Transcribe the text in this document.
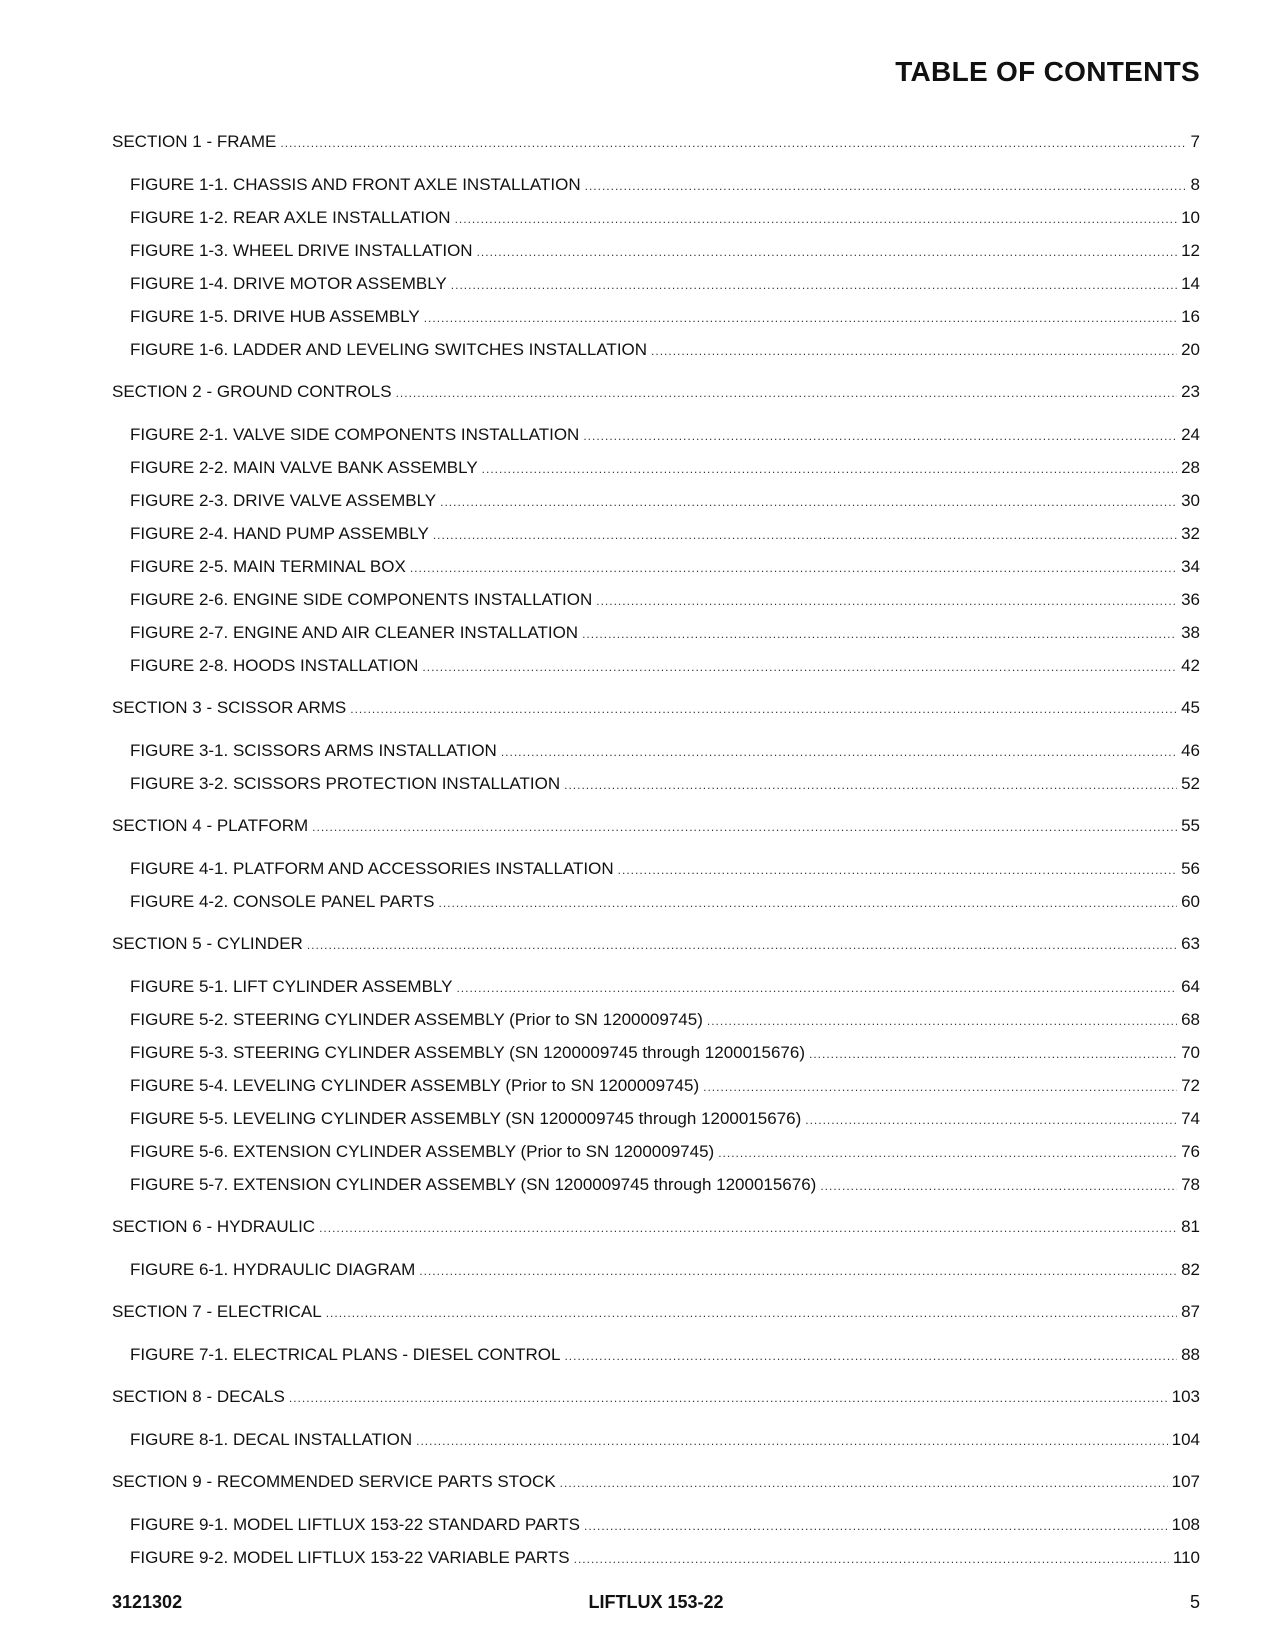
TABLE OF CONTENTS
SECTION 1 - FRAME .....	7
FIGURE 1-1. CHASSIS AND FRONT AXLE INSTALLATION .....	8
FIGURE 1-2. REAR AXLE INSTALLATION .....	10
FIGURE 1-3. WHEEL DRIVE INSTALLATION .....	12
FIGURE 1-4. DRIVE MOTOR ASSEMBLY .....	14
FIGURE 1-5. DRIVE HUB ASSEMBLY .....	16
FIGURE 1-6. LADDER AND LEVELING SWITCHES INSTALLATION .....	20
SECTION 2 - GROUND CONTROLS .....	23
FIGURE 2-1. VALVE SIDE COMPONENTS INSTALLATION .....	24
FIGURE 2-2. MAIN VALVE BANK ASSEMBLY .....	28
FIGURE 2-3. DRIVE VALVE ASSEMBLY .....	30
FIGURE 2-4. HAND PUMP ASSEMBLY .....	32
FIGURE 2-5. MAIN TERMINAL BOX .....	34
FIGURE 2-6. ENGINE SIDE COMPONENTS INSTALLATION .....	36
FIGURE 2-7. ENGINE AND AIR CLEANER INSTALLATION .....	38
FIGURE 2-8. HOODS INSTALLATION .....	42
SECTION 3 - SCISSOR ARMS .....	45
FIGURE 3-1. SCISSORS ARMS INSTALLATION .....	46
FIGURE 3-2. SCISSORS PROTECTION INSTALLATION .....	52
SECTION 4 - PLATFORM .....	55
FIGURE 4-1. PLATFORM AND ACCESSORIES INSTALLATION .....	56
FIGURE 4-2. CONSOLE PANEL PARTS .....	60
SECTION 5 - CYLINDER .....	63
FIGURE 5-1. LIFT CYLINDER ASSEMBLY .....	64
FIGURE 5-2. STEERING CYLINDER ASSEMBLY (Prior to SN 1200009745) .....	68
FIGURE 5-3. STEERING CYLINDER ASSEMBLY (SN 1200009745 through 1200015676) .....	70
FIGURE 5-4. LEVELING CYLINDER ASSEMBLY (Prior to SN 1200009745) .....	72
FIGURE 5-5. LEVELING CYLINDER ASSEMBLY (SN 1200009745 through 1200015676) .....	74
FIGURE 5-6. EXTENSION CYLINDER ASSEMBLY (Prior to SN 1200009745) .....	76
FIGURE 5-7. EXTENSION CYLINDER ASSEMBLY (SN 1200009745 through 1200015676) .....	78
SECTION 6 - HYDRAULIC .....	81
FIGURE 6-1. HYDRAULIC DIAGRAM .....	82
SECTION 7 - ELECTRICAL .....	87
FIGURE 7-1. ELECTRICAL PLANS - DIESEL CONTROL .....	88
SECTION 8 - DECALS .....	103
FIGURE 8-1. DECAL INSTALLATION .....	104
SECTION 9 - RECOMMENDED SERVICE PARTS STOCK .....	107
FIGURE 9-1. MODEL LIFTLUX 153-22 STANDARD PARTS .....	108
FIGURE 9-2. MODEL LIFTLUX 153-22 VARIABLE PARTS .....	110
3121302	LIFTLUX 153-22	5
